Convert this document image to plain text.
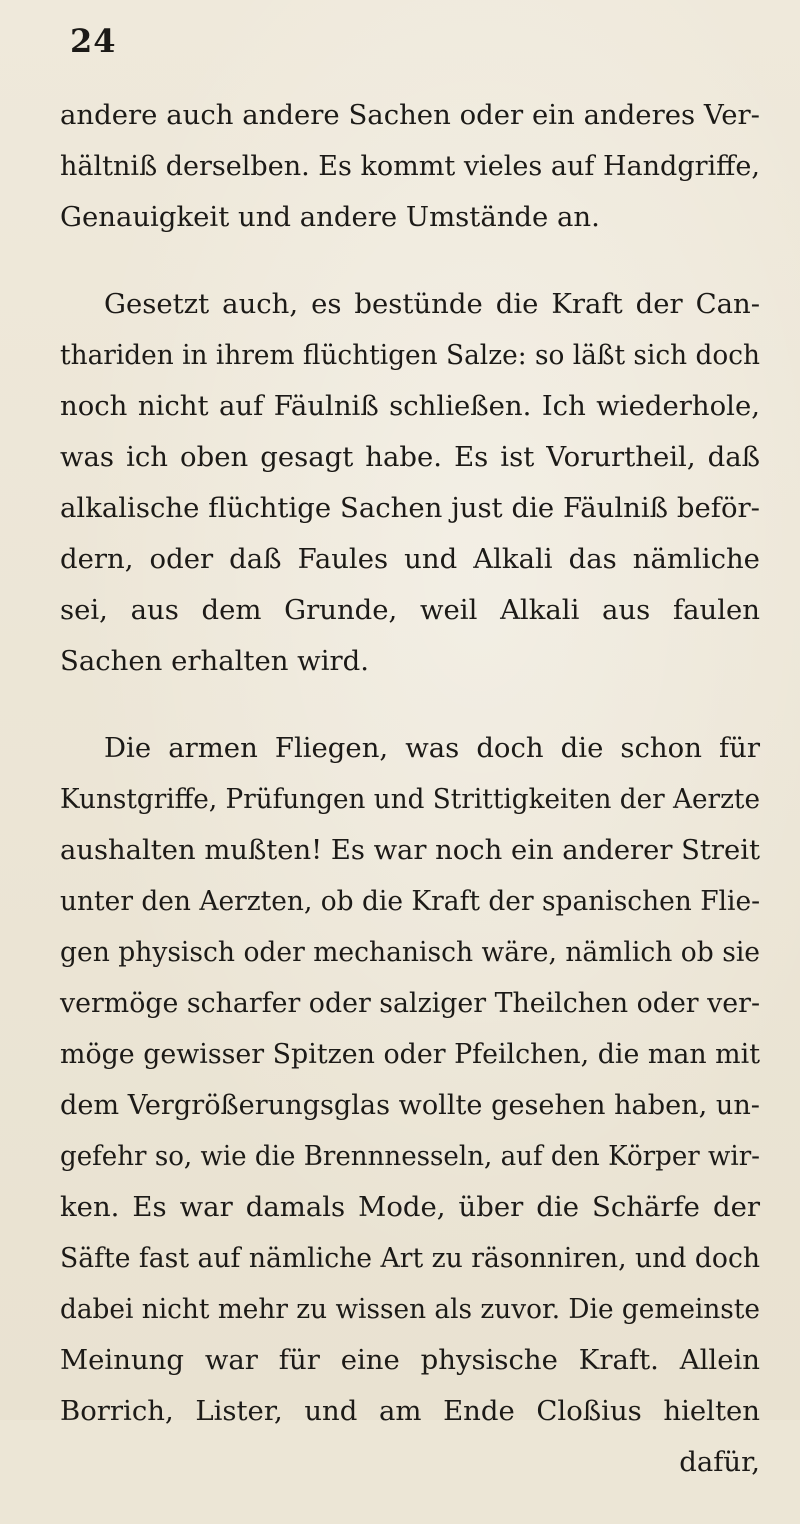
24

andere auch andere Sachen oder ein anderes Ver-
hältniß derselben. Es kommt vieles auf Handgriffe,
Genauigkeit und andere Umstände an.

Gesetzt auch, es bestünde die Kraft der Can-
thariden in ihrem flüchtigen Salze: so läßt sich doch
noch nicht auf Fäulniß schließen. Ich wiederhole,
was ich oben gesagt habe. Es ist Vorurtheil, daß
alkalische flüchtige Sachen just die Fäulniß beför-
dern, oder daß Faules und Alkali das nämliche
sei, aus dem Grunde, weil Alkali aus faulen
Sachen erhalten wird.

Die armen Fliegen, was doch die schon für
Kunstgriffe, Prüfungen und Strittigkeiten der Aerzte
aushalten mußten! Es war noch ein anderer Streit
unter den Aerzten, ob die Kraft der spanischen Flie-
gen physisch oder mechanisch wäre, nämlich ob sie
vermöge scharfer oder salziger Theilchen oder ver-
möge gewisser Spitzen oder Pfeilchen, die man mit
dem Vergrößerungsglas wollte gesehen haben, un-
gefehr so, wie die Brennnesseln, auf den Körper wir-
ken. Es war damals Mode, über die Schärfe der
Säfte fast auf nämliche Art zu räsonniren, und doch
dabei nicht mehr zu wissen als zuvor. Die gemeinste
Meinung war für eine physische Kraft. Allein
Borrich, Lister, und am Ende Cloßius hielten
dafür,
